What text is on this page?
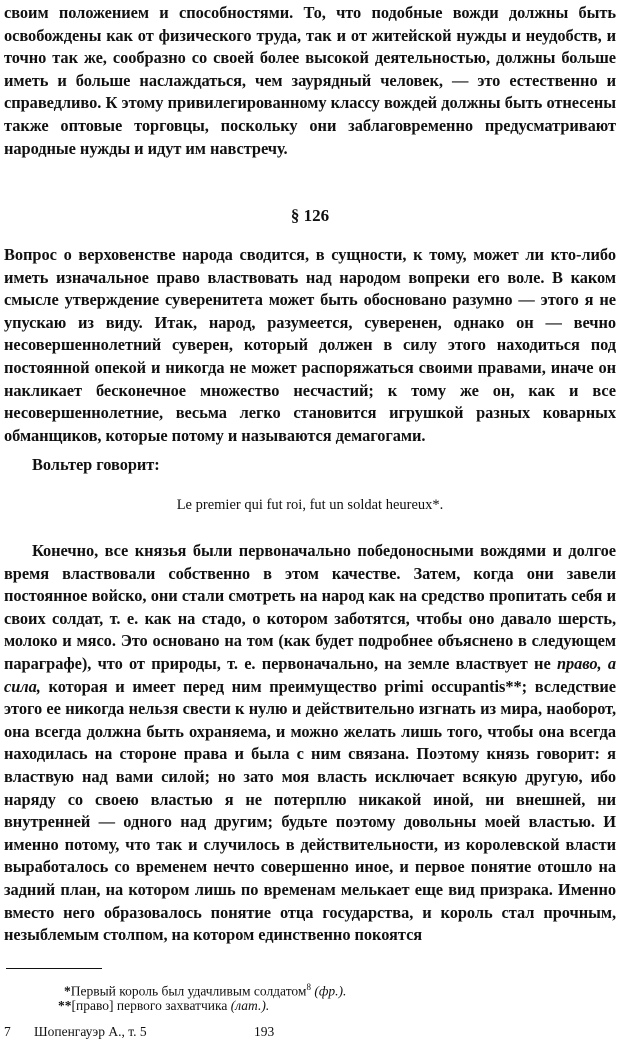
своим положением и способностями. То, что подобные вожди должны быть освобождены как от физического труда, так и от житейской нужды и неудобств, и точно так же, сообразно со своей более высокой деятельностью, должны больше иметь и больше наслаждаться, чем заурядный человек, — это естественно и справедливо. К этому привилегированному классу вождей должны быть отнесены также оптовые торговцы, поскольку они заблаговременно предусматривают народные нужды и идут им навстречу.

§ 126

Вопрос о верховенстве народа сводится, в сущности, к тому, может ли кто-либо иметь изначальное право властвовать над народом вопреки его воле. В каком смысле утверждение суверенитета может быть обосновано разумно — этого я не упускаю из виду. Итак, народ, разумеется, суверенен, однако он — вечно несовершеннолетний суверен, который должен в силу этого находиться под постоянной опекой и никогда не может распоряжаться своими правами, иначе он накликает бесконечное множество несчастий; к тому же он, как и все несовершеннолетние, весьма легко становится игрушкой разных коварных обманщиков, которые потому и называются демагогами.

Вольтер говорит:

Le premier qui fut roi, fut un soldat heureux*.

Конечно, все князья были первоначально победоносными вождями и долгое время властвовали собственно в этом качестве. Затем, когда они завели постоянное войско, они стали смотреть на народ как на средство пропитать себя и своих солдат, т. е. как на стадо, о котором заботятся, чтобы оно давало шерсть, молоко и мясо. Это основано на том (как будет подробнее объяснено в следующем параграфе), что от природы, т. е. первоначально, на земле властвует не право, а сила, которая и имеет перед ним преимущество primi occupantis**; вследствие этого ее никогда нельзя свести к нулю и действительно изгнать из мира, наоборот, она всегда должна быть охраняема, и можно желать лишь того, чтобы она всегда находилась на стороне права и была с ним связана. Поэтому князь говорит: я властвую над вами силой; но зато моя власть исключает всякую другую, ибо наряду со своею властью я не потерплю никакой иной, ни внешней, ни внутренней — одного над другим; будьте поэтому довольны моей властью. И именно потому, что так и случилось в действительности, из королевской власти выработалось со временем нечто совершенно иное, и первое понятие отошло на задний план, на котором лишь по временам мелькает еще вид призрака. Именно вместо него образовалось понятие отца государства, и король стал прочным, незыблемым столпом, на котором единственно покоятся

*Первый король был удачливым солдатом$^8$ (фр.).

**[право] первого захватчика (лат.).

7 Шопенгауэр А., т. 5	193
